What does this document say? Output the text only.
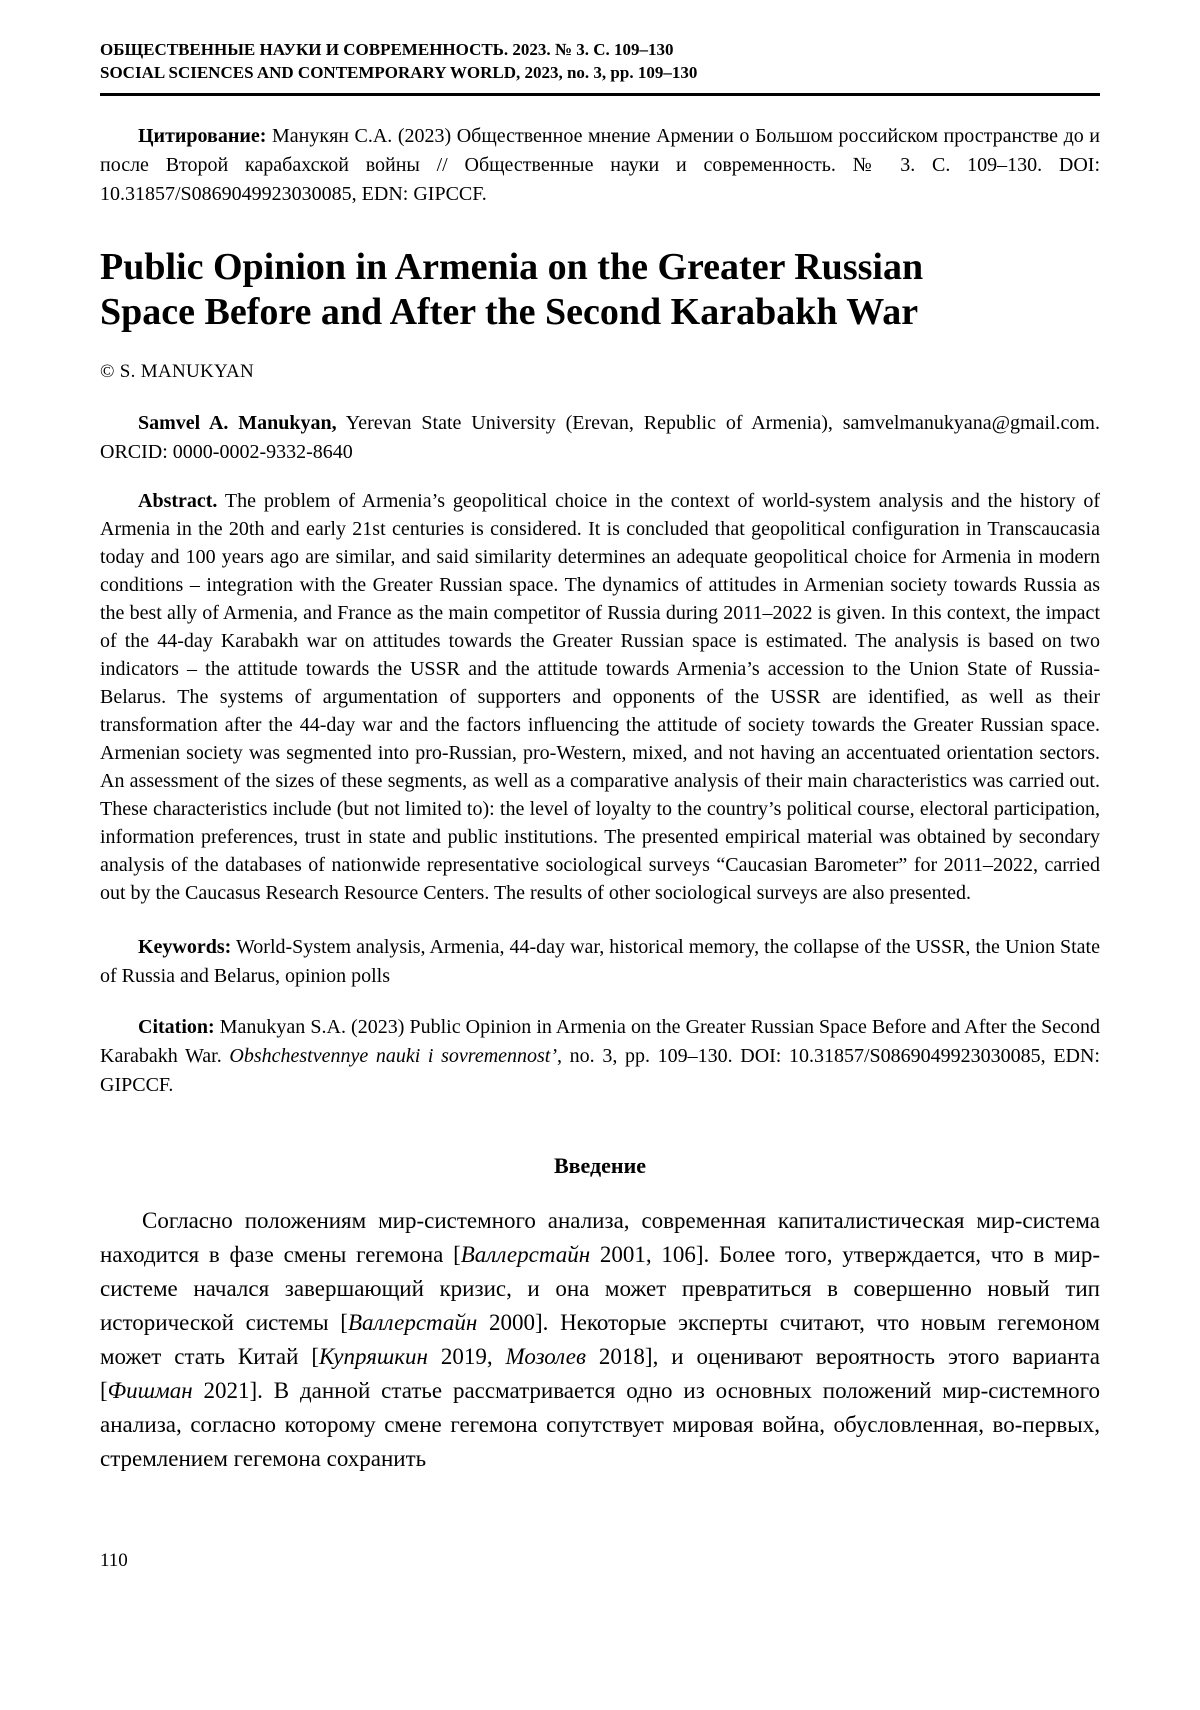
ОБЩЕСТВЕННЫЕ НАУКИ И СОВРЕМЕННОСТЬ. 2023. № 3. С. 109–130
SOCIAL SCIENCES AND CONTEMPORARY WORLD, 2023, no. 3, pp. 109–130

Цитирование: Манукян С.А. (2023) Общественное мнение Армении о Большом российском пространстве до и после Второй карабахской войны // Общественные науки и современность. № 3. С. 109–130. DOI: 10.31857/S0869049923030085, EDN: GIPCCF.

Public Opinion in Armenia on the Greater Russian Space Before and After the Second Karabakh War
© S. MANUKYAN

Samvel A. Manukyan, Yerevan State University (Erevan, Republic of Armenia), samvelmanukyana@gmail.com. ORCID: 0000-0002-9332-8640

Abstract. The problem of Armenia’s geopolitical choice in the context of world-system analysis and the history of Armenia in the 20th and early 21st centuries is considered. It is concluded that geopolitical configuration in Transcaucasia today and 100 years ago are similar, and said similarity determines an adequate geopolitical choice for Armenia in modern conditions – integration with the Greater Russian space. The dynamics of attitudes in Armenian society towards Russia as the best ally of Armenia, and France as the main competitor of Russia during 2011–2022 is given. In this context, the impact of the 44-day Karabakh war on attitudes towards the Greater Russian space is estimated. The analysis is based on two indicators – the attitude towards the USSR and the attitude towards Armenia’s accession to the Union State of Russia-Belarus. The systems of argumentation of supporters and opponents of the USSR are identified, as well as their transformation after the 44-day war and the factors influencing the attitude of society towards the Greater Russian space. Armenian society was segmented into pro-Russian, pro-Western, mixed, and not having an accentuated orientation sectors. An assessment of the sizes of these segments, as well as a comparative analysis of their main characteristics was carried out. These characteristics include (but not limited to): the level of loyalty to the country’s political course, electoral participation, information preferences, trust in state and public institutions. The presented empirical material was obtained by secondary analysis of the databases of nationwide representative sociological surveys “Caucasian Barometer” for 2011–2022, carried out by the Caucasus Research Resource Centers. The results of other sociological surveys are also presented.

Keywords: World-System analysis, Armenia, 44-day war, historical memory, the collapse of the USSR, the Union State of Russia and Belarus, opinion polls

Citation: Manukyan S.A. (2023) Public Opinion in Armenia on the Greater Russian Space Before and After the Second Karabakh War. Obshchestvennye nauki i sovremennost’, no. 3, pp. 109–130. DOI: 10.31857/S0869049923030085, EDN: GIPCCF.

Введение

Согласно положениям мир-системного анализа, современная капиталистическая мир-система находится в фазе смены гегемона [Валлерстайн 2001, 106]. Более того, утверждается, что в мир-системе начался завершающий кризис, и она может превратиться в совершенно новый тип исторической системы [Валлерстайн 2000]. Некоторые эксперты считают, что новым гегемоном может стать Китай [Купряшкин 2019, Мозолев 2018], и оценивают вероятность этого варианта [Фишман 2021]. В данной статье рассматривается одно из основных положений мир-системного анализа, согласно которому смене гегемона сопутствует мировая война, обусловленная, во-первых, стремлением гегемона сохранить

110
